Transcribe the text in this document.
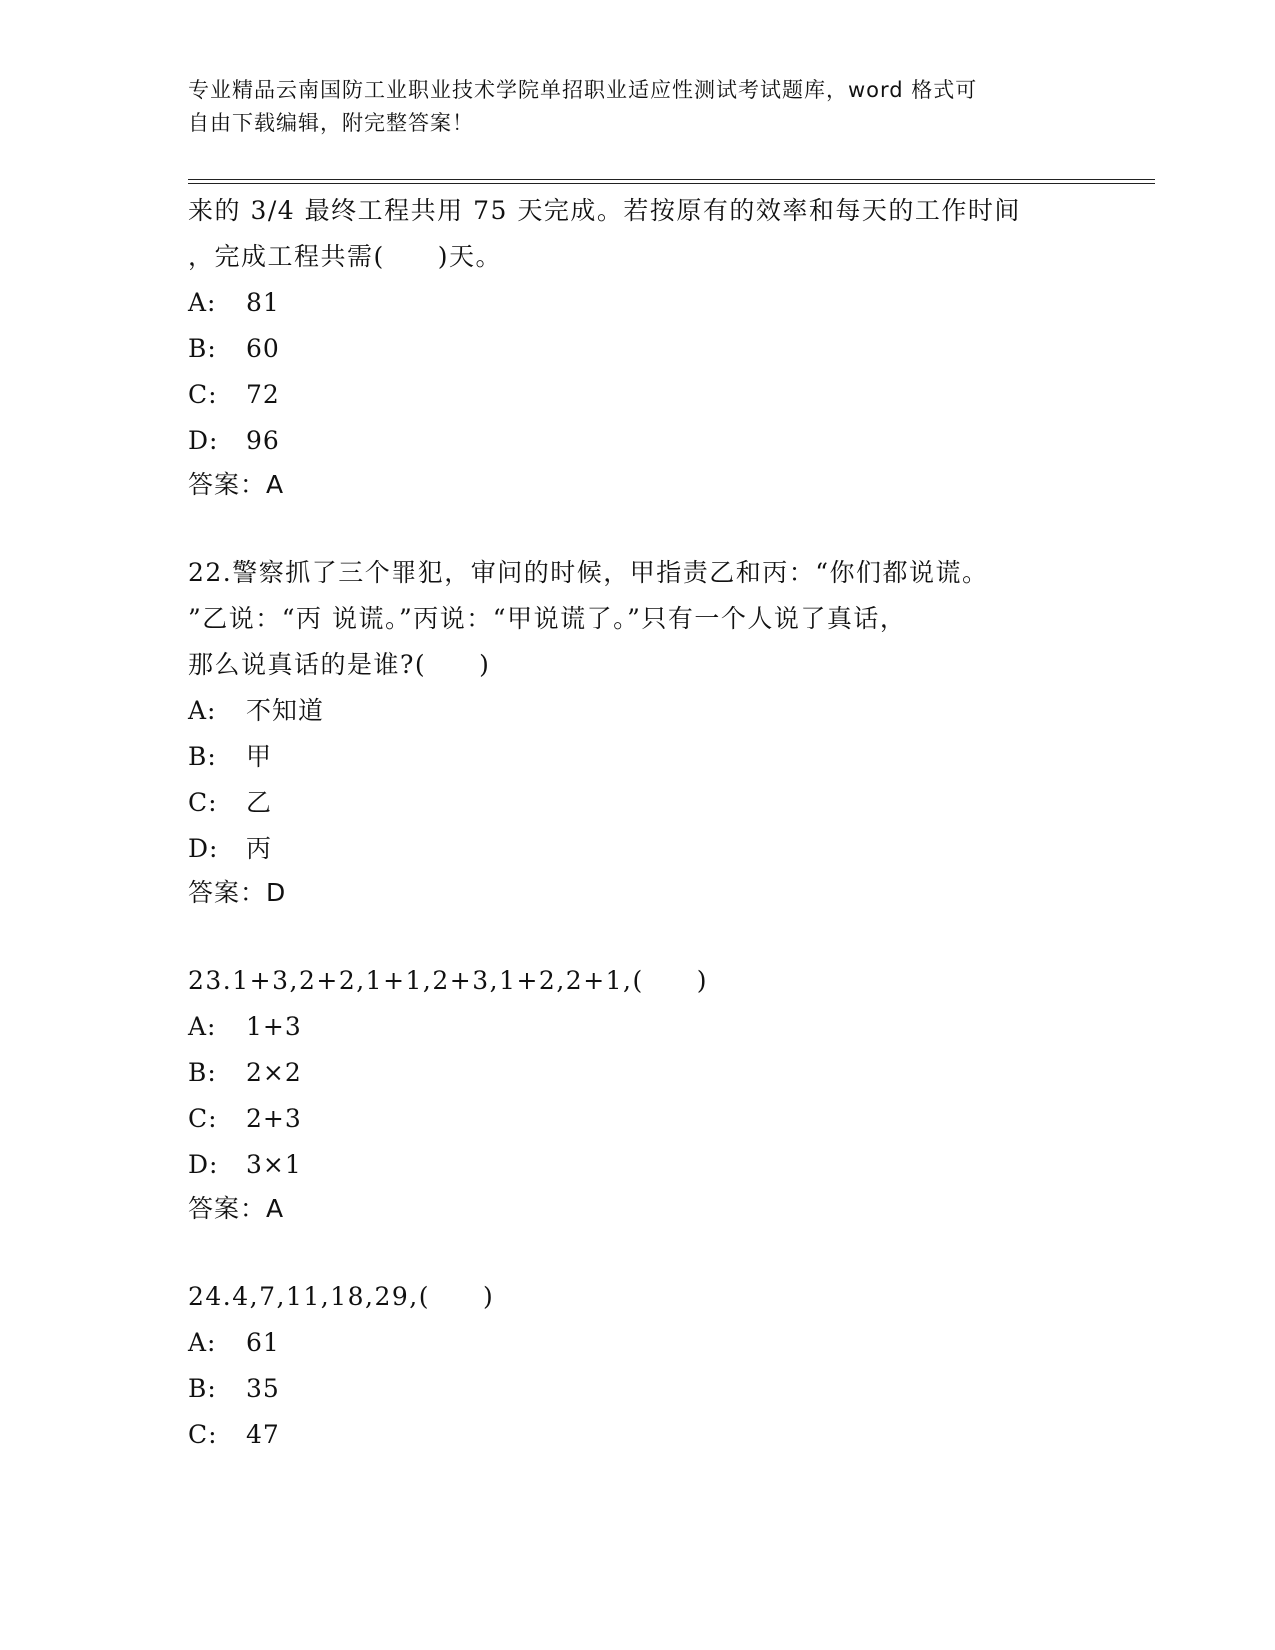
专业精品云南国防工业职业技术学院单招职业适应性测试考试题库，word 格式可
自由下载编辑，附完整答案！
来的 3/4 最终工程共用 75 天完成。若按原有的效率和每天的工作时间
，完成工程共需(　　)天。
A:	81
B:	60
C:	72
D:	96
答案：A
22.警察抓了三个罪犯，审问的时候，甲指责乙和丙：“你们都说谎。
”乙说：“丙 说谎。”丙说：“甲说谎了。”只有一个人说了真话，
那么说真话的是谁?(　　)
A:	不知道
B:	甲
C:	乙
D:	丙
答案：D
23.1+3,2+2,1+1,2+3,1+2,2+1,(　　)
A:	1+3
B:	2×2
C:	2+3
D:	3×1
答案：A
24.4,7,11,18,29,(　　)
A:	61
B:	35
C:	47
